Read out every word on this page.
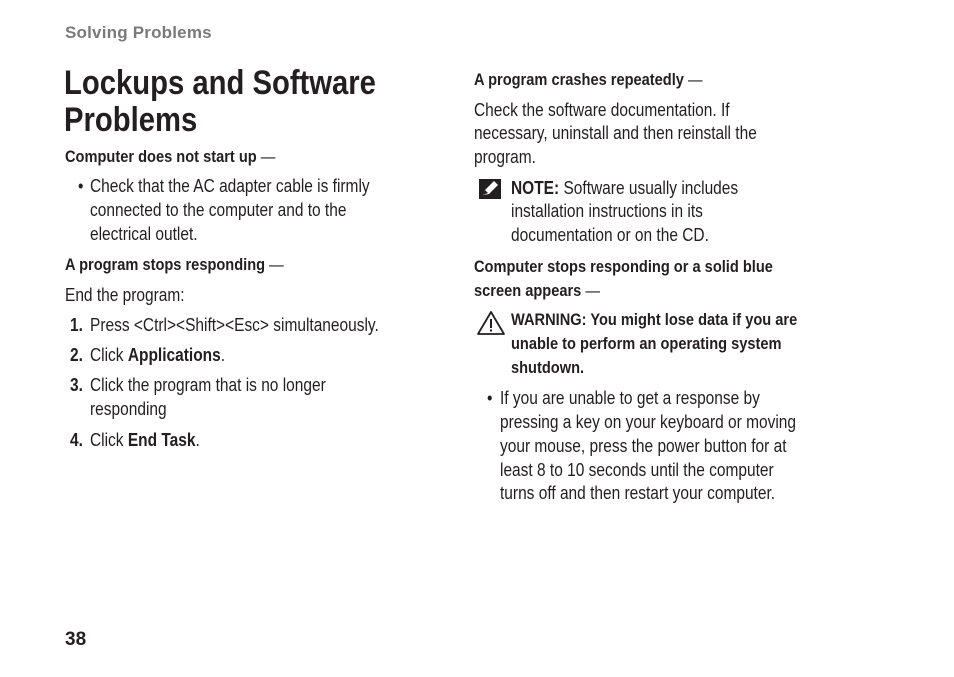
Solving Problems
Lockups and Software
Problems
Computer does not start up —
• Check that the AC adapter cable is firmly
connected to the computer and to the
electrical outlet.
A program stops responding —
End the program:
1. Press <Ctrl><Shift><Esc> simultaneously.
2. Click Applications.
3. Click the program that is no longer
responding
4. Click End Task.
A program crashes repeatedly —
Check the software documentation. If
necessary, uninstall and then reinstall the
program.
NOTE: Software usually includes
installation instructions in its
documentation or on the CD.
Computer stops responding or a solid blue
screen appears —
WARNING: You might lose data if you are
unable to perform an operating system
shutdown.
• If you are unable to get a response by
pressing a key on your keyboard or moving
your mouse, press the power button for at
least 8 to 10 seconds until the computer
turns off and then restart your computer.
38
